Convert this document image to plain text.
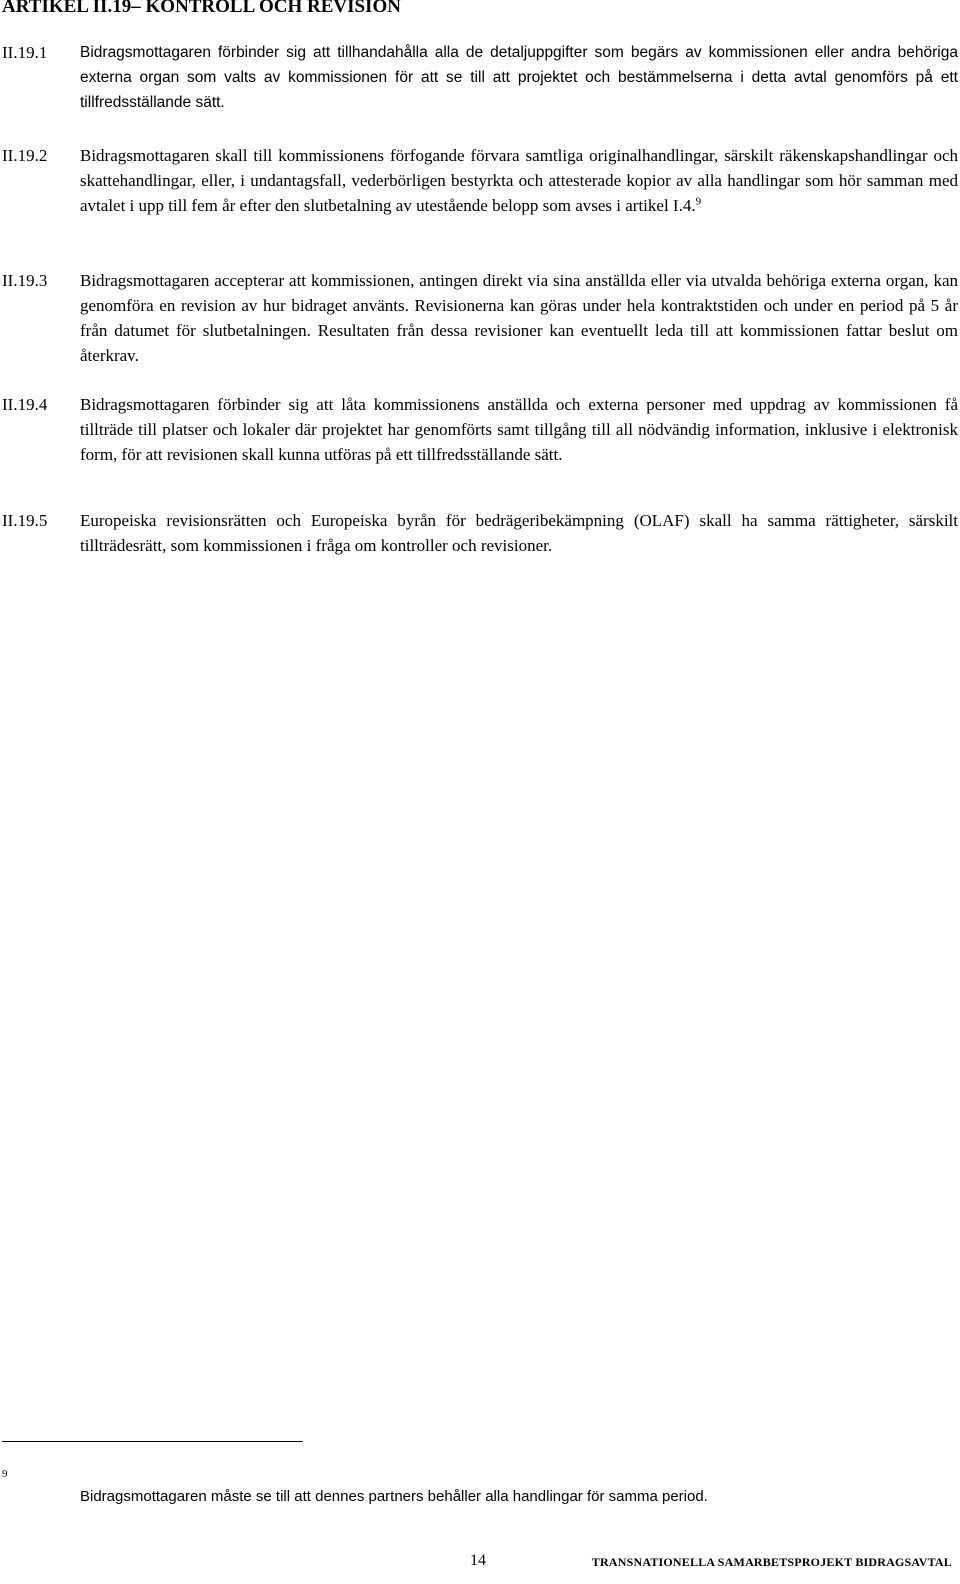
ARTIKEL II.19– KONTROLL OCH REVISION
II.19.1 Bidragsmottagaren förbinder sig att tillhandahålla alla de detaljuppgifter som begärs av kommissionen eller andra behöriga externa organ som valts av kommissionen för att se till att projektet och bestämmelserna i detta avtal genomförs på ett tillfredsställande sätt.
II.19.2 Bidragsmottagaren skall till kommissionens förfogande förvara samtliga originalhandlingar, särskilt räkenskapshandlingar och skattehandlingar, eller, i undantagsfall, vederbörligen bestyrkta och attesterade kopior av alla handlingar som hör samman med avtalet i upp till fem år efter den slutbetalning av utestående belopp som avses i artikel I.4.$^9$
II.19.3 Bidragsmottagaren accepterar att kommissionen, antingen direkt via sina anställda eller via utvalda behöriga externa organ, kan genomföra en revision av hur bidraget använts. Revisionerna kan göras under hela kontraktstiden och under en period på 5 år från datumet för slutbetalningen. Resultaten från dessa revisioner kan eventuellt leda till att kommissionen fattar beslut om återkrav.
II.19.4 Bidragsmottagaren förbinder sig att låta kommissionens anställda och externa personer med uppdrag av kommissionen få tillträde till platser och lokaler där projektet har genomförts samt tillgång till all nödvändig information, inklusive i elektronisk form, för att revisionen skall kunna utföras på ett tillfredsställande sätt.
II.19.5 Europeiska revisionsrätten och Europeiska byrån för bedrägeribekämpning (OLAF) skall ha samma rättigheter, särskilt tillträdesrätt, som kommissionen i fråga om kontroller och revisioner.
9
Bidragsmottagaren måste se till att dennes partners behåller alla handlingar för samma period.
14	TRANSNATIONELLA SAMARBETSPROJEKT BIDRAGSAVTAL
